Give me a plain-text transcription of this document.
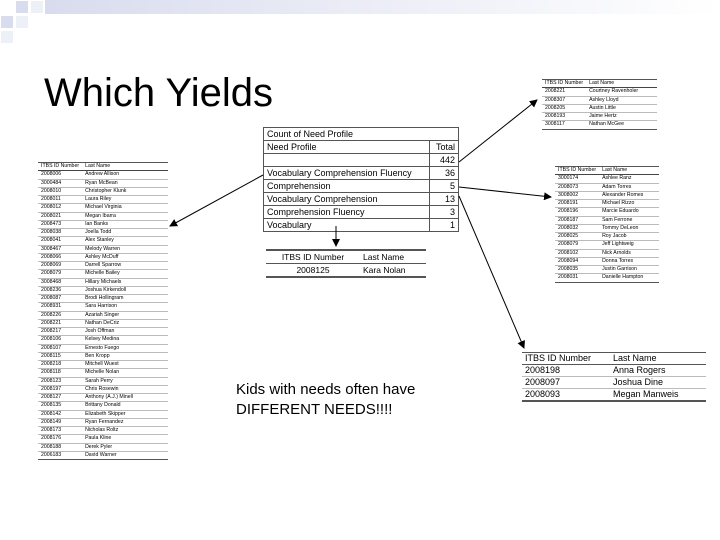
Which Yields	ITBS ID Number	Last Name
2008221	Courtney Ravenholer
2008307	Ashley Lloyd
2008205	Austin Little
2008193	Jaime Hertz
3008117	Nathan McGee
Count of Need Profile	
Need Profile	Total
	442
Vocabulary Comprehension Fluency	36
Comprehension	5
Vocabulary Comprehension	13
Comprehension Fluency	3
Vocabulary	1
ITBS ID Number	Last Name
2008125	Kara Nolan
ITBS ID Number	Last Name
2008006	Andrew Allison
3000484	Ryan McBean
2008010	Christopher Klunk
2008011	Laura Riley
2008012	Michael Virginia
2008021	Megan Ibarra
2008473	Ian Banks
2008038	Joella Todd
2008041	Alex Stanley
3008467	Melody Warren
2008066	Ashley McDuff
2008069	Darrell Sparrow
2008079	Michelle Bailey
3008468	Hillary Michaels
2008236	Joshua Kirkendoll
2008087	Brodi Hollingram
2008931	Sara Harrison
2008226	Azariah Singer
2008221	Nathan DeCriz
2008217	Josh Offman
2008106	Kelsey Medina
2008107	Ernesto Fuego
2008115	Ben Kropp
2008218	Mitchell Wuest
2008118	Michelle Nolan
2008123	Sarah Perry
2008197	Chris Rosewin
2008127	Anthony (A.J.) Minell
2008135	Brittany Donald
2008142	Elizabeth Skipper
2008149	Ryan Fernandez
2008173	Nicholas Roltz
2008176	Paula Kline
2008188	Derek Pyler
2006183	David Warner
ITBS ID Number	Last Name
3000174	Ashlee Ranz
2008073	Adam Torres
3008002	Alexander Romes
2008191	Michael Rizzo
2008196	Marcie Eduardo
2008187	Sam Ferrone
2008032	Tommy DeLeon
2008025	Roy Jacob
2008079	Jeff Lightweig
2008102	Nick Arnolds
2008094	Donna Torres
2008035	Justin Garrison
2008031	Danielle Hampton
ITBS ID Number	Last Name
2008198	Anna Rogers
2008097	Joshua Dine
2008093	Megan Manweis
Kids with needs often have
DIFFERENT NEEDS!!!!
